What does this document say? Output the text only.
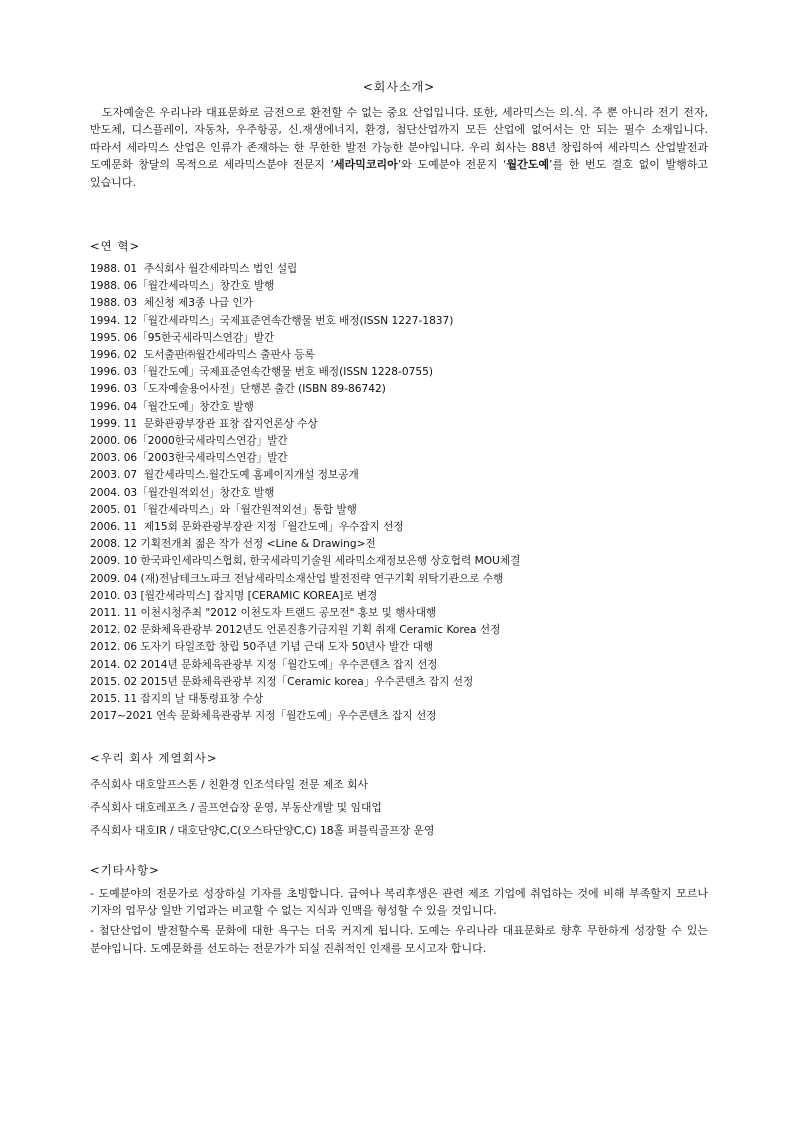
<회사소개>
도자예술은 우리나라 대표문화로 금전으로 환전할 수 없는 중요 산업입니다. 또한, 세라믹스는 의.식. 주 뿐 아니라 전기 전자, 반도체, 디스플레이, 자동차, 우주항공, 신.재생에너지, 환경, 첨단산업까지 모든 산업에 없어서는 안 되는 필수 소재입니다. 따라서 세라믹스 산업은 인류가 존재하는 한 무한한 발전 가능한 분야입니다. 우리 회사는 88년 창립하여 세라믹스 산업발전과 도예문화 창달의 목적으로 세라믹스분야 전문지 ‘세라믹코리아’와 도예분야 전문지 ‘월간도예’를 한 번도 결호 없이 발행하고 있습니다.
<연 혁>
1988. 01  주식회사 월간세라믹스 법인 설립
1988. 06「월간세라믹스」창간호 발행
1988. 03  체신청 제3종 나급 인가
1994. 12「월간세라믹스」국제표준연속간행물 번호 배정(ISSN 1227-1837)
1995. 06「95한국세라믹스연감」발간
1996. 02  도서출판㈜월간세라믹스 출판사 등록
1996. 03「월간도예」국제표준연속간행물 번호 배정(ISSN 1228-0755)
1996. 03「도자예술용어사전」단행본 출간 (ISBN 89-86742)
1996. 04「월간도예」창간호 발행
1999. 11  문화관광부장관 표창 잡지언론상 수상
2000. 06「2000한국세라믹스연감」발간
2003. 06「2003한국세라믹스연감」발간
2003. 07  월간세라믹스.월간도예 홈페이지개설 정보공개
2004. 03「월간원적외선」창간호 발행
2005. 01「월간세라믹스」와「월간원적외선」통합 발행
2006. 11  제15회 문화관광부장관 지정「월간도예」우수잡지 선정
2008. 12 기획전개최 젊은 작가 선정 <Line & Drawing>전
2009. 10 한국파인세라믹스협회, 한국세라믹기술원 세라믹소재정보은행 상호협력 MOU체결
2009. 04 (재)전남테크노파크 전남세라믹소재산업 발전전략 연구기획 위탁기관으로 수행
2010. 03 [월간세라믹스] 잡지명 [CERAMIC KOREA]로 변경
2011. 11 이천시청주최 "2012 이천도자 트랜드 공모전" 홍보 및 행사대행
2012. 02 문화체육관광부 2012년도 언론진흥기금지원 기획 취재 Ceramic Korea 선정
2012. 06 도자기 타일조합 창립 50주년 기념 근대 도자 50년사 발간 대행
2014. 02 2014년 문화체육관광부 지정「월간도예」우수콘텐츠 잡지 선정
2015. 02 2015년 문화체육관광부 지정「Ceramic korea」우수콘텐츠 잡지 선정
2015. 11 잡지의 날 대통령표창 수상
2017~2021 연속 문화체육관광부 지정「월간도예」우수콘텐츠 잡지 선정
<우리 회사 계열회사>
주식회사 대호알프스톤 / 친환경 인조석타일 전문 제조 회사
주식회사 대호레포츠 / 골프연습장 운영, 부동산개발 및 임대업
주식회사 대호IR / 대호단양C,C(오스타단양C,C) 18홀 퍼블릭골프장 운영
<기타사항>

- 도예분야의 전문가로 성장하실 기자를 초빙합니다. 급여나 복리후생은 관련 제조 기업에 취업하는 것에 비해 부족할지 모르나 기자의 업무상 일반 기업과는 비교할 수 없는 지식과 인맥을 형성할 수 있을 것입니다.

- 첨단산업이 발전할수록 문화에 대한 욕구는 더욱 커지게 됩니다. 도예는 우리나라 대표문화로 향후 무한하게 성장할 수 있는 분야입니다. 도예문화를 선도하는 전문가가 되실 진취적인 인재를 모시고자 합니다.
